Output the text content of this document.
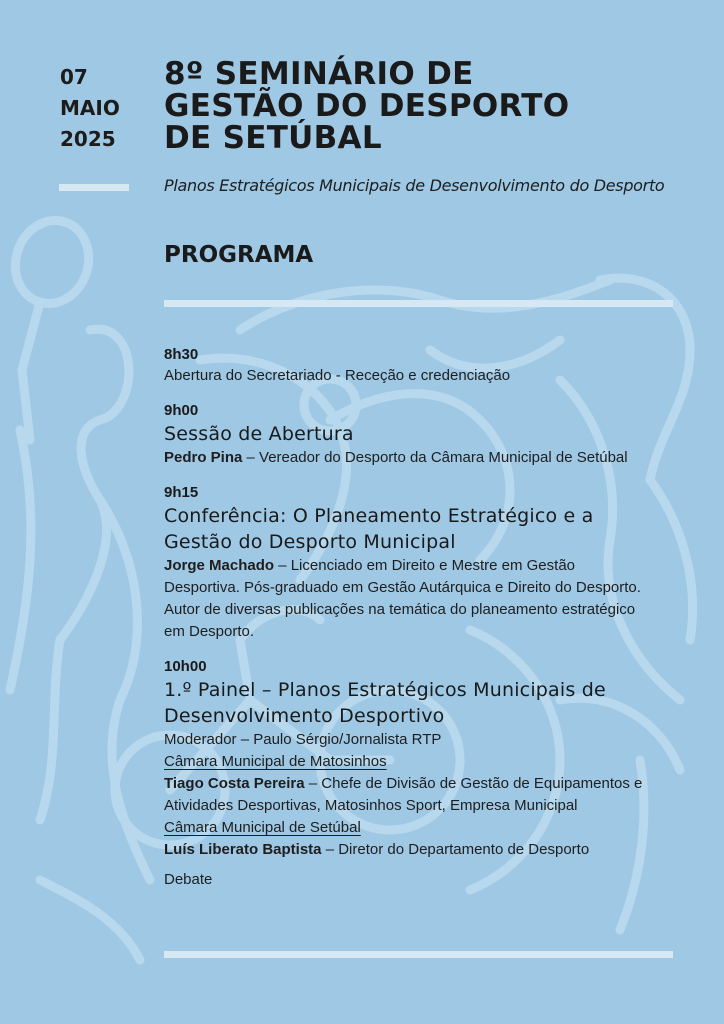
07
MAIO
2025
8º SEMINÁRIO DE
GESTÃO DO DESPORTO
DE SETÚBAL
Planos Estratégicos Municipais de Desenvolvimento do Desporto
PROGRAMA
8h30
Abertura do Secretariado - Receção e credenciação
9h00
Sessão de Abertura
Pedro Pina – Vereador do Desporto da Câmara Municipal de Setúbal
9h15
Conferência: O Planeamento Estratégico e a
Gestão do Desporto Municipal
Jorge Machado – Licenciado em Direito e Mestre em Gestão
Desportiva. Pós-graduado em Gestão Autárquica e Direito do Desporto.
Autor de diversas publicações na temática do planeamento estratégico
em Desporto.
10h00
1.º Painel – Planos Estratégicos Municipais de
Desenvolvimento Desportivo
Moderador – Paulo Sérgio/Jornalista RTP
Câmara Municipal de Matosinhos
Tiago Costa Pereira – Chefe de Divisão de Gestão de Equipamentos e
Atividades Desportivas, Matosinhos Sport, Empresa Municipal
Câmara Municipal de Setúbal
Luís Liberato Baptista – Diretor do Departamento de Desporto
Debate
